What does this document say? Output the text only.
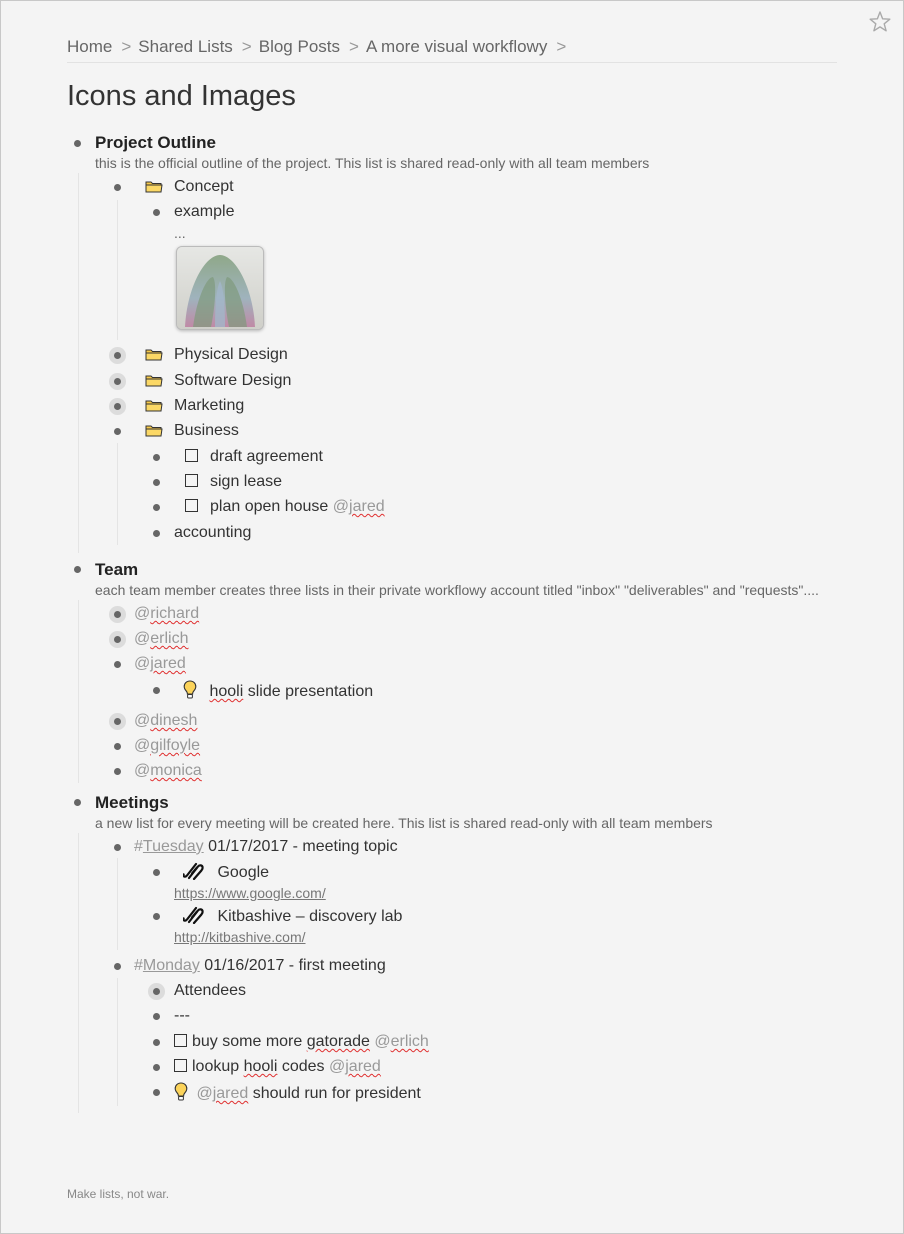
Home > Shared Lists > Blog Posts > A more visual workflowy >
Icons and Images
Project Outline
this is the official outline of the project. This list is shared read-only with all team members
Concept
example
...
Physical Design
Software Design
Marketing
Business
draft agreement
sign lease
plan open house @jared
accounting
Team
each team member creates three lists in their private workflowy account titled "inbox" "deliverables" and "requests"....
@richard
@erlich
@jared
hooli slide presentation
@dinesh
@gilfoyle
@monica
Meetings
a new list for every meeting will be created here. This list is shared read-only with all team members
#Tuesday 01/17/2017 - meeting topic
Google
https://www.google.com/
Kitbashive – discovery lab
http://kitbashive.com/
#Monday 01/16/2017 - first meeting
Attendees
---
buy some more gatorade @erlich
lookup hooli codes @jared
@jared should run for president
Make lists, not war.
